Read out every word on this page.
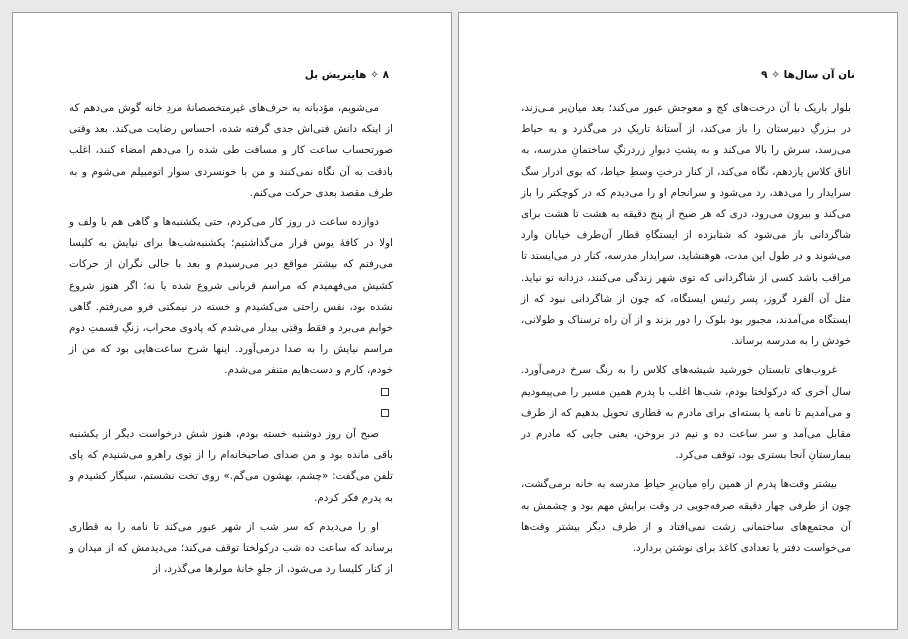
۸ ✧ هاینریش بل

می‌شویم، مؤدبانه به حرف‌های غیرمتخصصانهٔ مردِ خانه گوش می‌دهم که از اینکه دانش فنی‌اش جدی گرفته شده، احساس رضایت می‌کند. بعد وقتی صورتحساب ساعت کار و مسافت طی شده را می‌دهم امضاء کنند، اغلب بادقت به آن نگاه نمی‌کنند و من با خونسردی سوار اتومبیلم می‌شوم و به طرف مقصد بعدی حرکت می‌کنم.

دوازده ساعت در روز کار می‌کردم، حتی یکشنبه‌ها و گاهی هم با ولف و اولا در کافهٔ یوس قرار می‌گذاشتیم؛ یکشنبه‌شب‌ها برای نیایش به کلیسا می‌رفتم که بیشتر مواقع دیر می‌رسیدم و بعد با حالی نگران از حرکات کشیش می‌فهمیدم که مراسم قربانی شروع شده یا نه؛ اگر هنوز شروع نشده بود، نفس راحتی می‌کشیدم و خسته در نیمکتی فرو می‌رفتم. گاهی خوابم می‌برد و فقط وقتی بیدار می‌شدم که پادوی محراب، زنگِ قسمتِ دوم مراسم نیایش را به صدا درمی‌آورد. اینها شرح ساعت‌هایی بود که من از خودم، کارم و دست‌هایم متنفر می‌شدم.

صبح آن روز دوشنبه خسته بودم، هنوز شش درخواست دیگر از یکشنبه باقی مانده بود و من صدای صاحبخانه‌ام را از توی راهرو می‌شنیدم که پای تلفن می‌گفت: «چشم، بهشون می‌گم.» روی تخت نشستم، سیگار کشیدم و به پدرم فکر کردم.

او را می‌دیدم که سر شب از شهر عبور می‌کند تا نامه را به قطاری برساند که ساعت ده شب درکولختا توقف می‌کند؛ می‌دیدمش که از میدان و از کنار کلیسا رد می‌شود، از جلوِ خانهٔ مولرها می‌گذرد، از

نان آن سال‌ها ✧ ۹

بلوار باریک با آن درخت‌های کج و معوجش عبور می‌کند؛ بعد میان‌بر مـی‌زند، در بـزرگِ دبیرستان را باز می‌کند، از آستانهٔ تاریکِ در می‌گذرد و به حیاط می‌رسد، سرش را بالا می‌کند و به پشتِ دیوارِ زردرنگِ ساختمانِ مدرسه، به اتاق کلاس یازدهم، نگاه می‌کند، از کنار درختِ وسطِ حیاط، که بوی ادرار سگ سرایدار را می‌دهد، رد می‌شود و سرانجام او را می‌دیدم که در کوچکتر را باز می‌کند و بیرون می‌رود، دری که هر صبح از پنج دقیقه به هشت تا هشت برای شاگردانی باز می‌شود که شتابزده از ایستگاهِ قطار آن‌طرف خیابان وارد می‌شوند و در طول این مدت، هوهنشاید، سرایدار مدرسه، کنار در می‌ایستد تا مراقب باشد کسی از شاگردانی که توی شهر زندگی می‌کنند، دزدانه تو نیاید. مثل آن آلفرد گروز، پسر رئیس ایستگاه، که چون از شاگردانی نبود که از ایستگاه می‌آمدند، مجبور بود بلوک را دور بزند و از آن راه ترسناک و طولانی، خودش را به مدرسه برساند.

غروب‌های تابستان خورشید شیشه‌های کلاس را به رنگ سرخ درمی‌آورد. سال آخری که درکولختا بودم، شب‌ها اغلب با پدرم همین مسیر را می‌پیمودیم و می‌آمدیم تا نامه یا بسته‌ای برای مادرم به قطاری تحویل بدهیم که از طرف مقابل می‌آمد و سر ساعت ده و نیم در بروخن، یعنی جایی که مادرم در بیمارستانِ آنجا بستری بود، توقف می‌کرد.

بیشتر وقت‌ها پدرم از همین راهِ میان‌برِ حیاطِ مدرسه به خانه برمی‌گشت، چون از طرفی چهار دقیقه صرفه‌جویی در وقت برایش مهم بود و چشمش به آن مجتمع‌های ساختمانی زشت نمی‌افتاد و از طرف دیگر بیشتر وقت‌ها می‌خواست دفتر یا تعدادی کاغذ برای نوشتن بردارد.
